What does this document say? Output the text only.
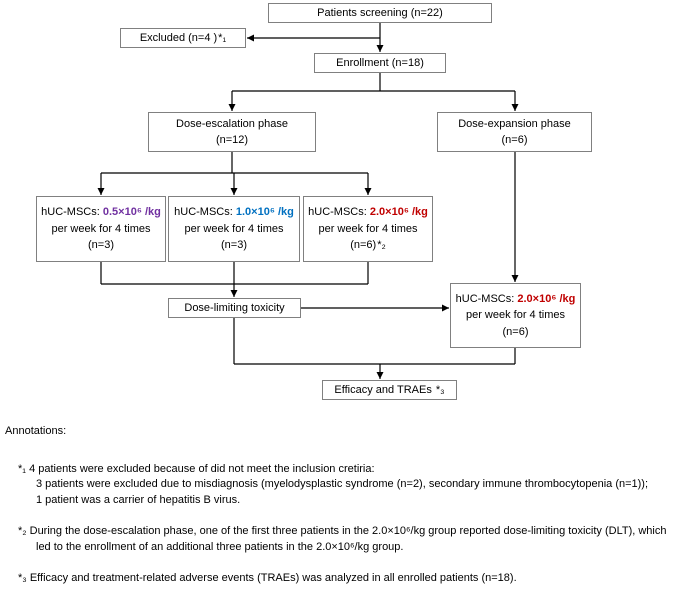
Patients screening (n=22)
Excluded (n=4 )*₁
Enrollment (n=18)
Dose-escalation phase
(n=12)
Dose-expansion phase
(n=6)
hUC-MSCs: 0.5×10⁶ /kg
per week for 4 times
(n=3)
hUC-MSCs: 1.0×10⁶ /kg
per week for 4 times
(n=3)
hUC-MSCs: 2.0×10⁶ /kg
per week for 4 times
(n=6)*₂
Dose-limiting toxicity
hUC-MSCs: 2.0×10⁶ /kg
per week for 4 times
(n=6)
Efficacy and TRAEs *₃
Annotations:
*₁ 4 patients were excluded because of did not meet the inclusion cretiria:
3 patients were excluded due to misdiagnosis (myelodysplastic syndrome (n=2), secondary immune thrombocytopenia (n=1));
1 patient was a carrier of hepatitis B virus.
*₂ During the dose-escalation phase, one of the first three patients in the 2.0×10⁶/kg group reported dose-limiting toxicity (DLT), which
led to the enrollment of an additional three patients in the 2.0×10⁶/kg group.
*₃ Efficacy and treatment-related adverse events (TRAEs) was analyzed in all enrolled patients (n=18).
